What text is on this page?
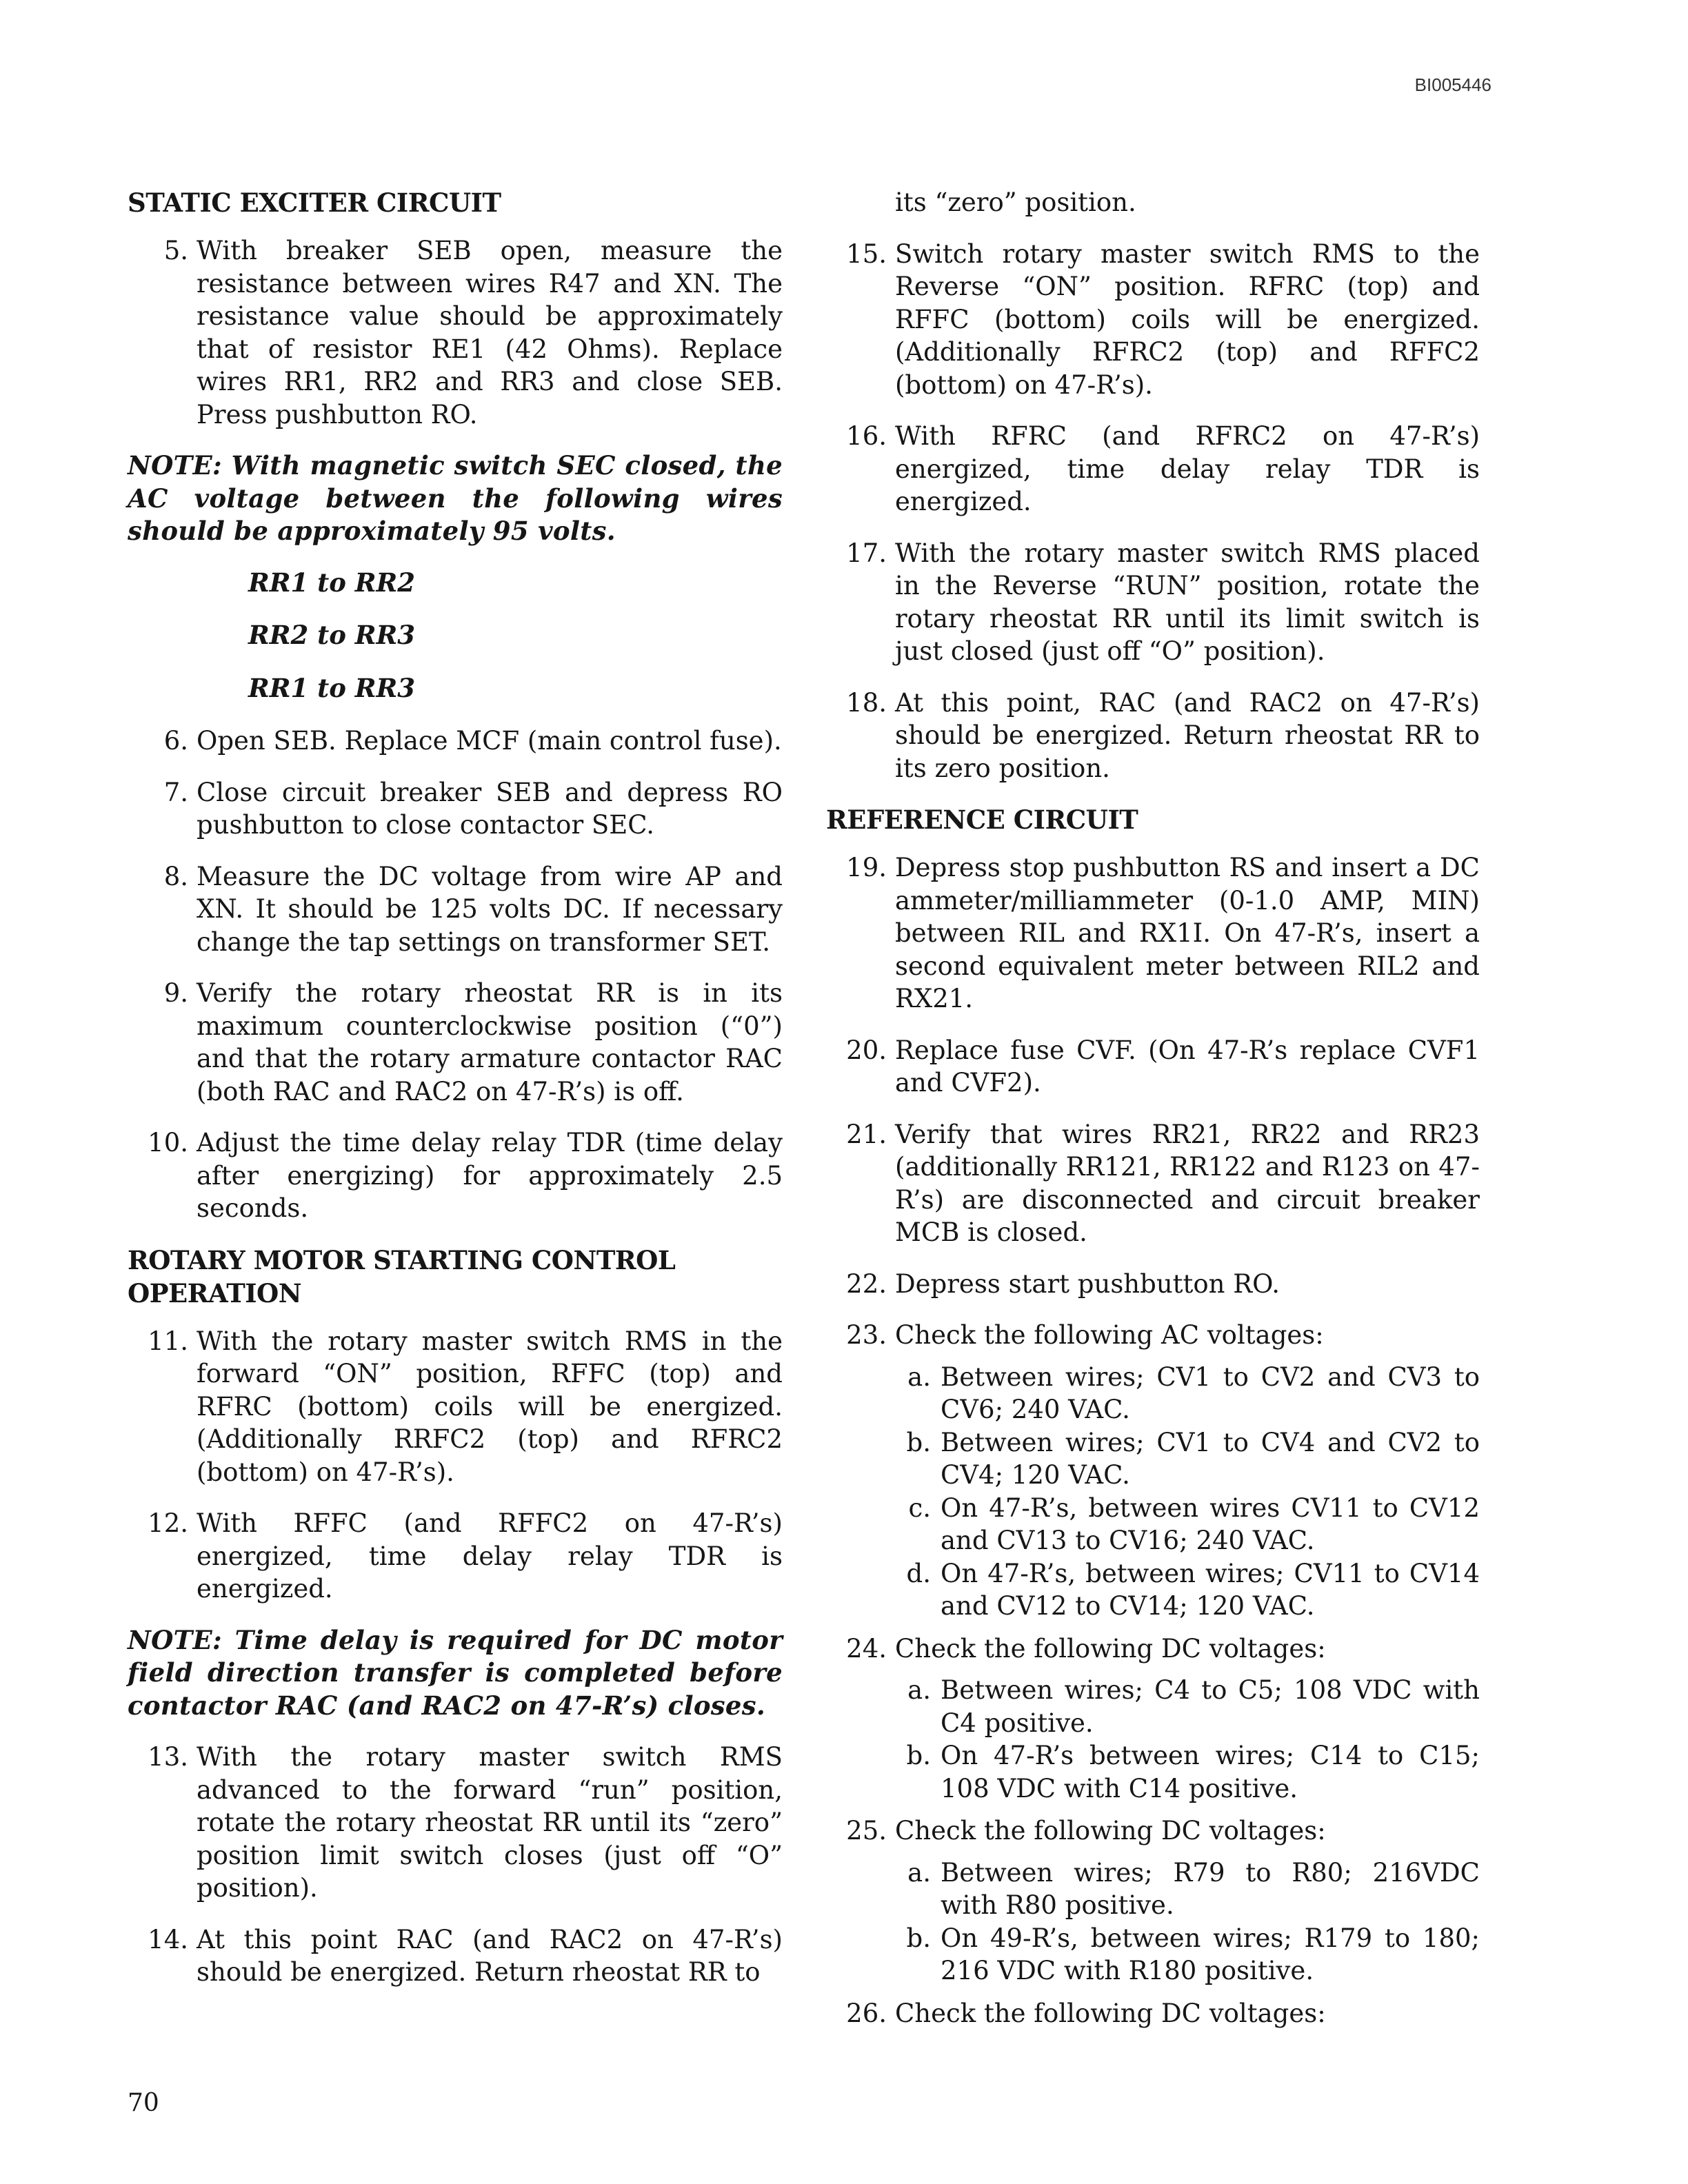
BI005446
STATIC EXCITER CIRCUIT
5. With breaker SEB open, measure the resistance between wires R47 and XN. The resistance value should be approximately that of resistor RE1 (42 Ohms). Replace wires RR1, RR2 and RR3 and close SEB. Press pushbutton RO.
NOTE: With magnetic switch SEC closed, the AC voltage between the following wires should be approximately 95 volts.
RR1 to RR2
RR2 to RR3
RR1 to RR3
6. Open SEB. Replace MCF (main control fuse).
7. Close circuit breaker SEB and depress RO pushbutton to close contactor SEC.
8. Measure the DC voltage from wire AP and XN. It should be 125 volts DC. If necessary change the tap settings on transformer SET.
9. Verify the rotary rheostat RR is in its maximum counterclockwise position (“0”) and that the rotary armature contactor RAC (both RAC and RAC2 on 47-R’s) is off.
10. Adjust the time delay relay TDR (time delay after energizing) for approximately 2.5 seconds.
ROTARY MOTOR STARTING CONTROL OPERATION
11. With the rotary master switch RMS in the forward “ON” position, RFFC (top) and RFRC (bottom) coils will be energized. (Additionally RRFC2 (top) and RFRC2 (bottom) on 47-R’s).
12. With RFFC (and RFFC2 on 47-R’s) energized, time delay relay TDR is energized.
NOTE: Time delay is required for DC motor field direction transfer is completed before contactor RAC (and RAC2 on 47-R’s) closes.
13. With the rotary master switch RMS advanced to the forward “run” position, rotate the rotary rheostat RR until its “zero” position limit switch closes (just off “O” position).
14. At this point RAC (and RAC2 on 47-R’s) should be energized. Return rheostat RR to
its “zero” position.
15. Switch rotary master switch RMS to the Reverse “ON” position. RFRC (top) and RFFC (bottom) coils will be energized. (Additionally RFRC2 (top) and RFFC2 (bottom) on 47-R’s).
16. With RFRC (and RFRC2 on 47-R’s) energized, time delay relay TDR is energized.
17. With the rotary master switch RMS placed in the Reverse “RUN” position, rotate the rotary rheostat RR until its limit switch is just closed (just off “O” position).
18. At this point, RAC (and RAC2 on 47-R’s) should be energized. Return rheostat RR to its zero position.
REFERENCE CIRCUIT
19. Depress stop pushbutton RS and insert a DC ammeter/milliammeter (0-1.0 AMP, MIN) between RIL and RX1I. On 47-R’s, insert a second equivalent meter between RIL2 and RX21.
20. Replace fuse CVF. (On 47-R’s replace CVF1 and CVF2).
21. Verify that wires RR21, RR22 and RR23 (additionally RR121, RR122 and R123 on 47-R’s) are disconnected and circuit breaker MCB is closed.
22. Depress start pushbutton RO.
23. Check the following AC voltages:
a. Between wires; CV1 to CV2 and CV3 to CV6; 240 VAC.
b. Between wires; CV1 to CV4 and CV2 to CV4; 120 VAC.
c. On 47-R’s, between wires CV11 to CV12 and CV13 to CV16; 240 VAC.
d. On 47-R’s, between wires; CV11 to CV14 and CV12 to CV14; 120 VAC.
24. Check the following DC voltages:
a. Between wires; C4 to C5; 108 VDC with C4 positive.
b. On 47-R’s between wires; C14 to C15; 108 VDC with C14 positive.
25. Check the following DC voltages:
a. Between wires; R79 to R80; 216VDC with R80 positive.
b. On 49-R’s, between wires; R179 to 180; 216 VDC with R180 positive.
26. Check the following DC voltages:
70
